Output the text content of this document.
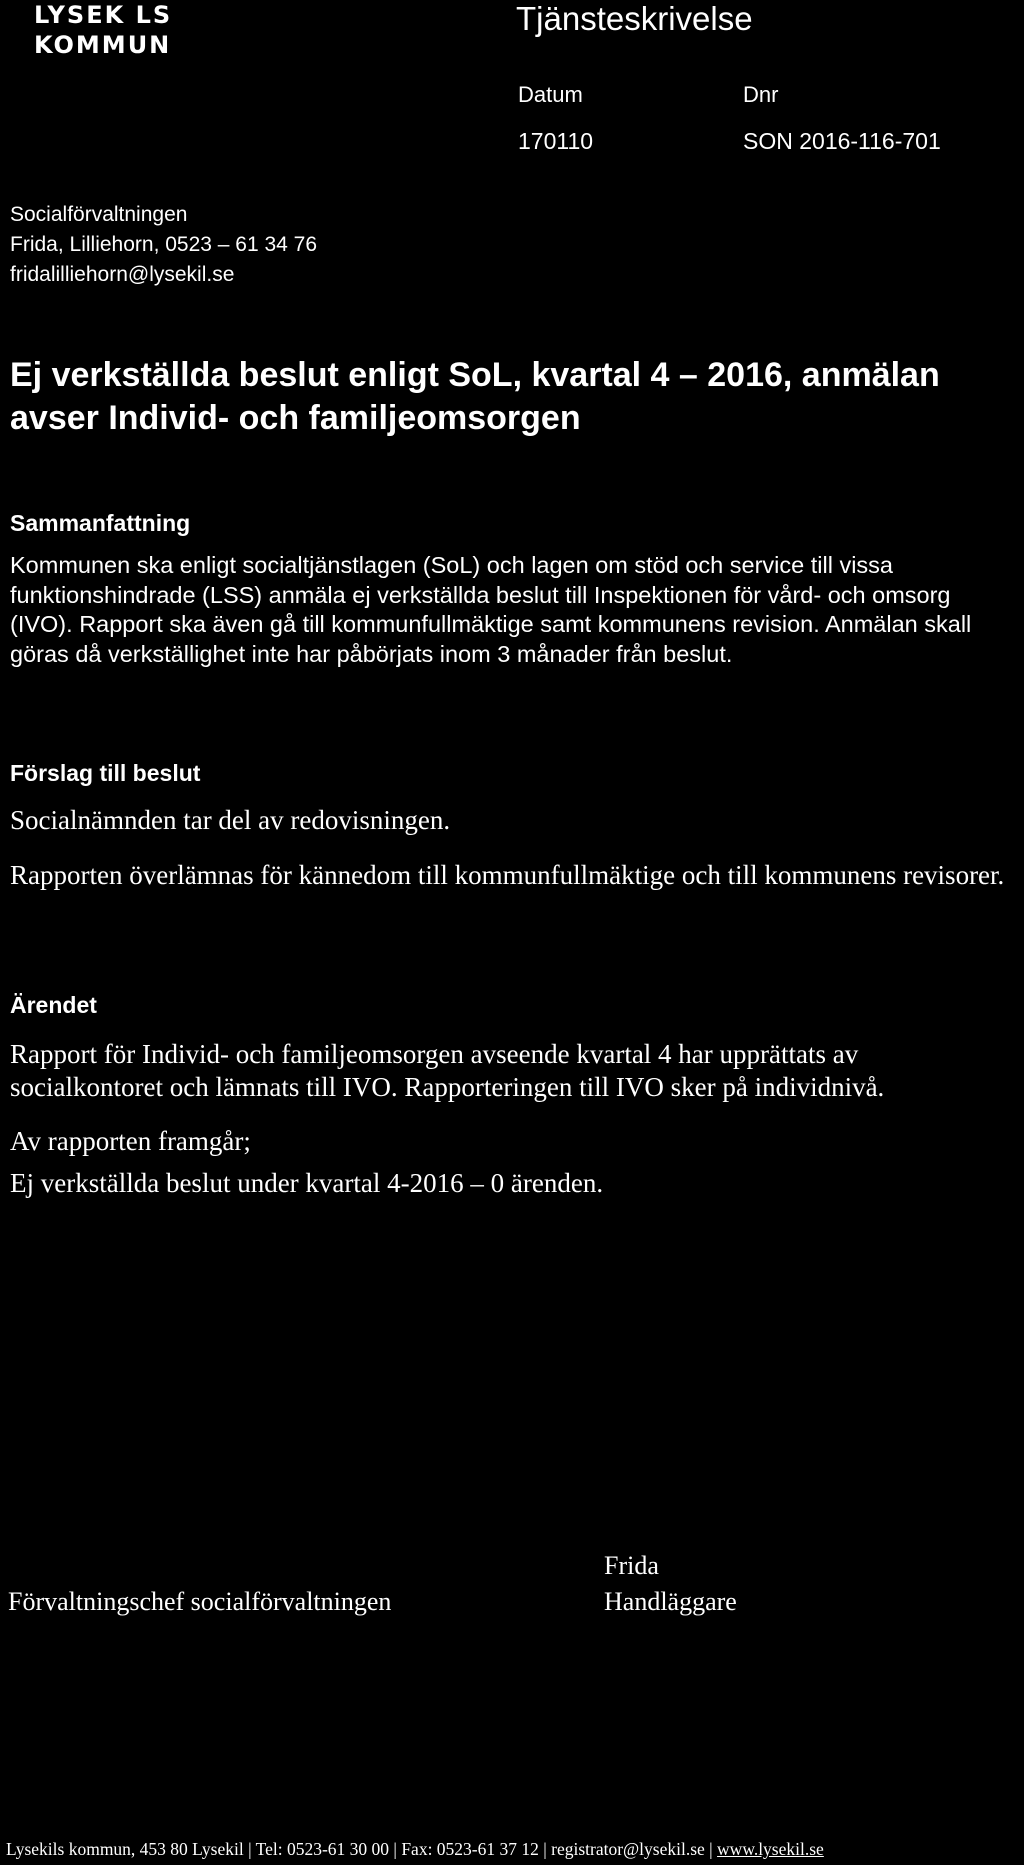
LYSEK LS
KOMMUN
Tjänsteskrivelse
Datum
170110
Dnr
SON 2016-116-701
Socialförvaltningen
Frida, Lilliehorn, 0523 – 61 34 76
fridalilliehorn@lysekil.se
Ej verkställda beslut enligt SoL, kvartal 4 – 2016, anmälan avser Individ- och familjeomsorgen
Sammanfattning
Kommunen ska enligt socialtjänstlagen (SoL) och lagen om stöd och service till vissa funktionshindrade (LSS) anmäla ej verkställda beslut till Inspektionen för vård- och omsorg (IVO). Rapport ska även gå till kommunfullmäktige samt kommunens revision. Anmälan skall göras då verkställighet inte har påbörjats inom 3 månader från beslut.
Förslag till beslut
Socialnämnden tar del av redovisningen.
Rapporten överlämnas för kännedom till kommunfullmäktige och till kommunens revisorer.
Ärendet
Rapport för Individ- och familjeomsorgen avseende kvartal 4 har upprättats av socialkontoret och lämnats till IVO. Rapporteringen till IVO sker på individnivå.
Av rapporten framgår;
Ej verkställda beslut under kvartal 4-2016 – 0 ärenden.
Förvaltningschef socialförvaltningen
Frida
Handläggare
Lysekils kommun, 453 80 Lysekil | Tel: 0523-61 30 00 | Fax: 0523-61 37 12 | registrator@lysekil.se | www.lysekil.se
